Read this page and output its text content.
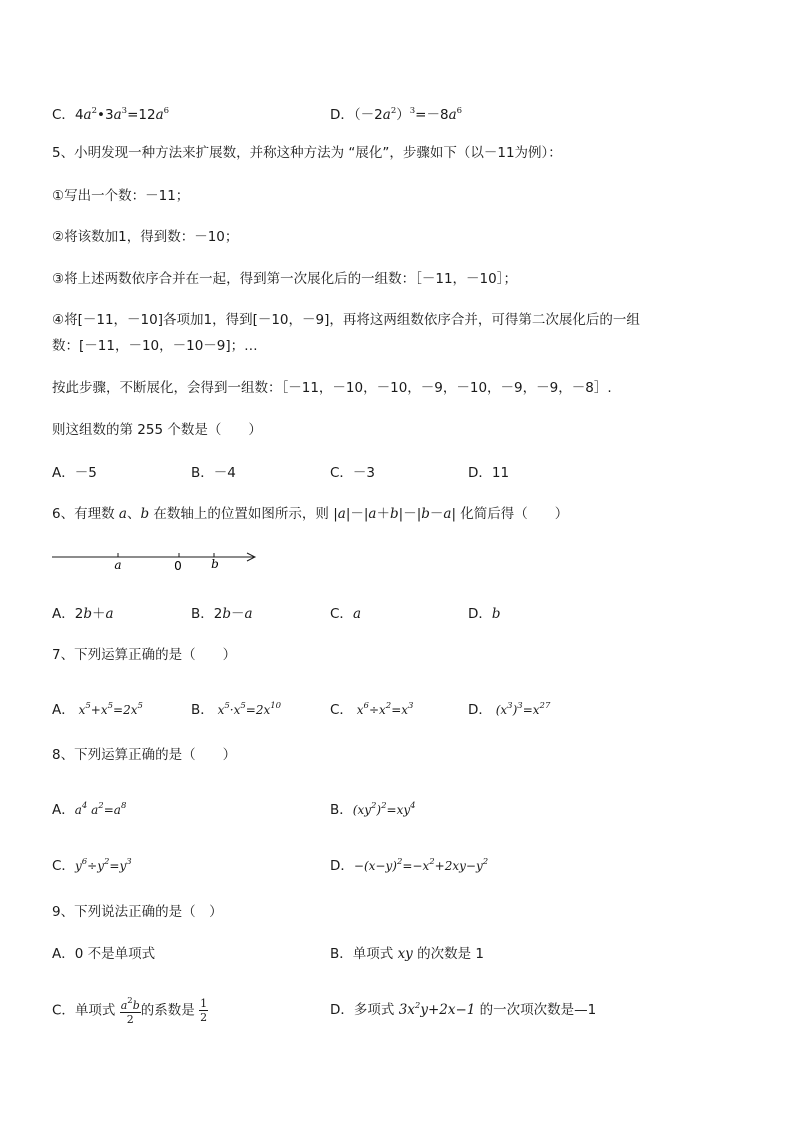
C．$4a^2•3a^3=12a^6$	D．$(-2a^2)^3=-8a^6$
5、小明发现一种方法来扩展数，并称这种方法为 “展化”，步骤如下（以－11为例）：
①写出一个数：－11；
②将该数加1，得到数：－10；
③将上述两数依序合并在一起，得到第一次展化后的一组数：［－11，－10］；
④将[－11，－10]各项加1，得到[－10，－9]，再将这两组数依序合并，可得第二次展化后的一组
数：[－11，－10，－10－9]；…
按此步骤，不断展化，会得到一组数：［－11，－10，－10，－9，－10，－9，－9，－8］.
则这组数的第 255 个数是（　　）
A．－5	B．－4	C．－3	D．11
6、有理数 a、b 在数轴上的位置如图所示，则 |a|－|a＋b|－|b－a| 化简后得（　　）
a	0 b
A．2b＋a	B．2b－a	C．a	D．b
7、下列运算正确的是（　　）
A． $x^5+x^5=2x^5$	B． $x^5\cdot x^5=2x^{10}$	C． $x^6\div x^2=x^3$	D． $(x^3)^3=x^{27}$
8、下列运算正确的是（　　）
A．$a^4$ $a^2=a^8$	B．$(xy^2)^2=xy^4$
C．$y^6\div y^2=y^3$	D．$-(x-y)^2=-x^2+2xy-y^2$
9、下列说法正确的是（　）
A．0 不是单项式	B．单项式 xy 的次数是 1
C．单项式 $\frac{a^2b}{2}$ 的系数是 $\frac{1}{2}$	D．多项式 $3x^2y+2x-1$ 的一次项次数是—1
